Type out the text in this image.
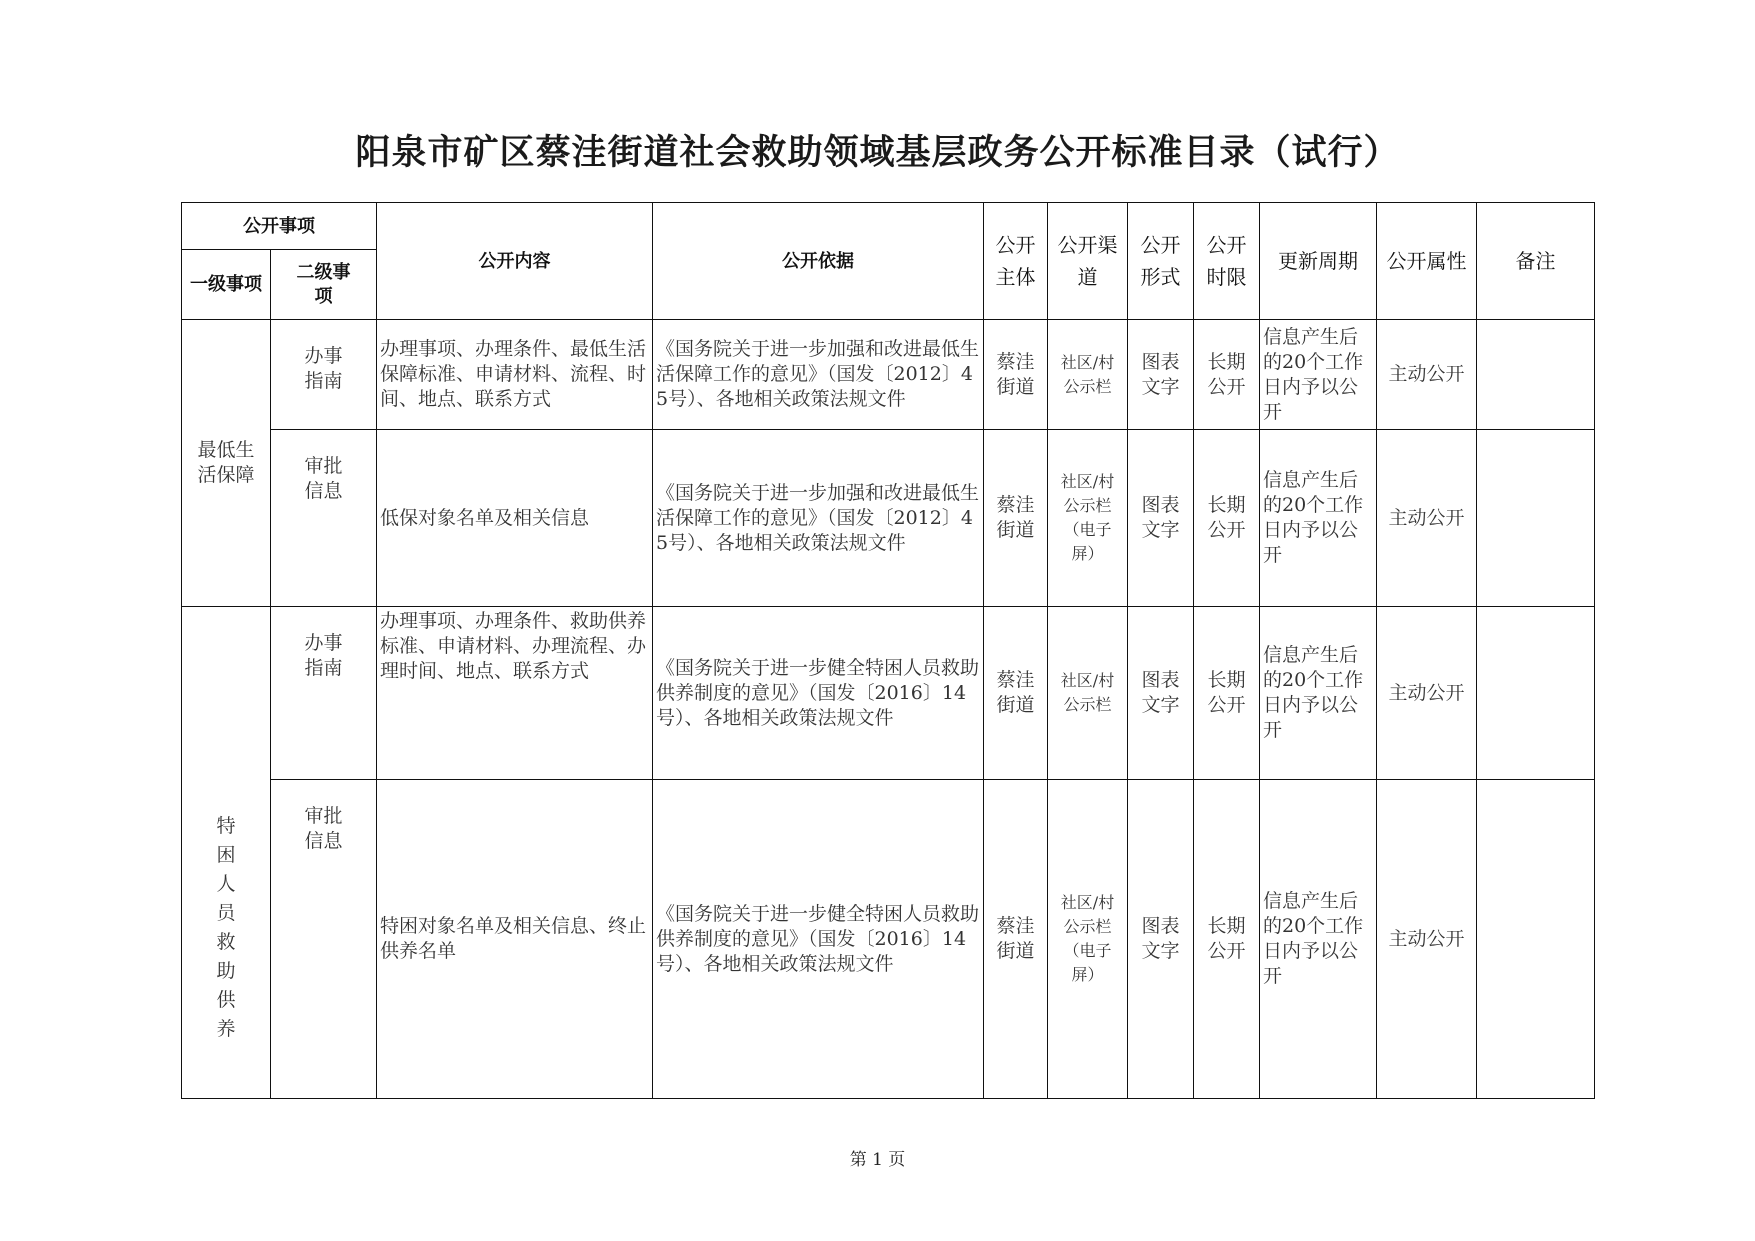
阳泉市矿区蔡洼街道社会救助领域基层政务公开标准目录（试行）
公开事项		公开内容	公开依据	公开主体	公开渠道	公开形式	公开时限	更新周期	公开属性	备注
一级事项	二级事项									
最低生活保障	办事指南	办理事项、办理条件、最低生活保障标准、申请材料、流程、时间、地点、联系方式	《国务院关于进一步加强和改进最低生活保障工作的意见》（国发〔2012〕45号）、各地相关政策法规文件	蔡洼街道	社区/村公示栏	图表文字	长期公开	信息产生后的20个工作日内予以公开	主动公开	
	审批信息	低保对象名单及相关信息	《国务院关于进一步加强和改进最低生活保障工作的意见》（国发〔2012〕45号）、各地相关政策法规文件	蔡洼街道	社区/村公示栏（电子屏）	图表文字	长期公开	信息产生后的20个工作日内予以公开	主动公开	
特困人员救助供养	办事指南	办理事项、办理条件、救助供养标准、申请材料、办理流程、办理时间、地点、联系方式	《国务院关于进一步健全特困人员救助供养制度的意见》（国发〔2016〕14号）、各地相关政策法规文件	蔡洼街道	社区/村公示栏	图表文字	长期公开	信息产生后的20个工作日内予以公开	主动公开	
	审批信息	特困对象名单及相关信息、终止供养名单	《国务院关于进一步健全特困人员救助供养制度的意见》（国发〔2016〕14号）、各地相关政策法规文件	蔡洼街道	社区/村公示栏（电子屏）	图表文字	长期公开	信息产生后的20个工作日内予以公开	主动公开	
第 1 页
